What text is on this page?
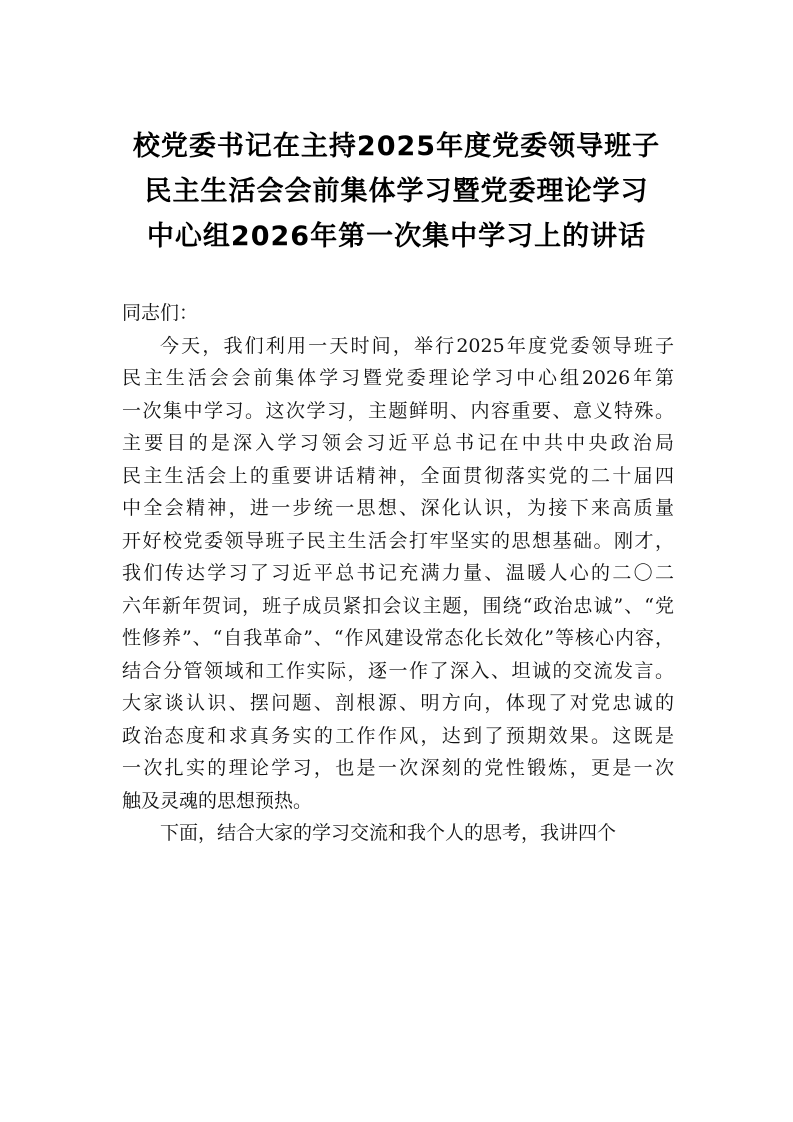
校党委书记在主持2025年度党委领导班子
民主生活会会前集体学习暨党委理论学习
中心组2026年第一次集中学习上的讲话

同志们：

今天，我们利用一天时间，举行2025年度党委领导班子
民主生活会会前集体学习暨党委理论学习中心组2026年第
一次集中学习。这次学习，主题鲜明、内容重要、意义特殊。
主要目的是深入学习领会习近平总书记在中共中央政治局
民主生活会上的重要讲话精神，全面贯彻落实党的二十届四
中全会精神，进一步统一思想、深化认识，为接下来高质量
开好校党委领导班子民主生活会打牢坚实的思想基础。刚才，
我们传达学习了习近平总书记充满力量、温暖人心的二〇二
六年新年贺词，班子成员紧扣会议主题，围绕“政治忠诚”、“党
性修养”、“自我革命”、“作风建设常态化长效化”等核心内容，
结合分管领域和工作实际，逐一作了深入、坦诚的交流发言。
大家谈认识、摆问题、剖根源、明方向，体现了对党忠诚的
政治态度和求真务实的工作作风，达到了预期效果。这既是
一次扎实的理论学习，也是一次深刻的党性锻炼，更是一次
触及灵魂的思想预热。

下面，结合大家的学习交流和我个人的思考，我讲四个
